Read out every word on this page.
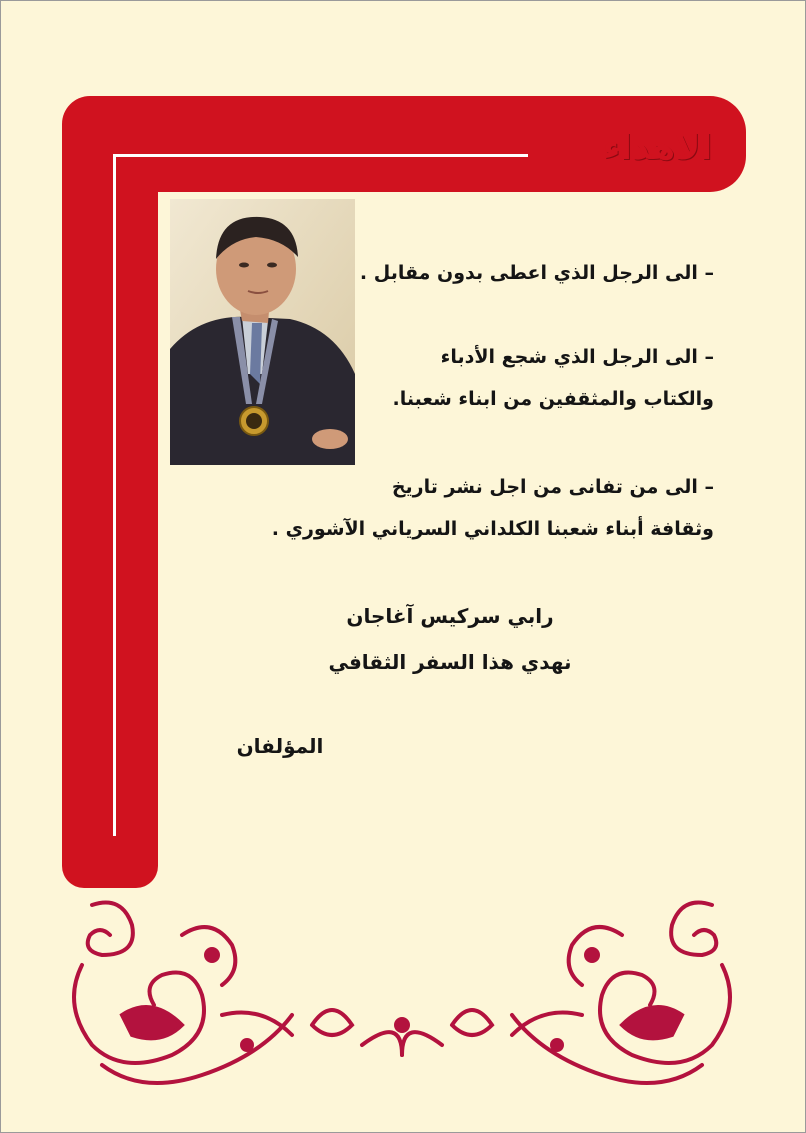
الاهداء
– الى الرجل الذي اعطى بدون مقابل .
– الى الرجل الذي شجع الأدباء
والكتاب والمثقفين من ابناء شعبنا.
– الى من تفانى من اجل نشر تاريخ
وثقافة أبناء شعبنا الكلداني السرياني الآشوري .
رابي سركيس آغاجان
نهدي هذا السفر الثقافي
المؤلفان
